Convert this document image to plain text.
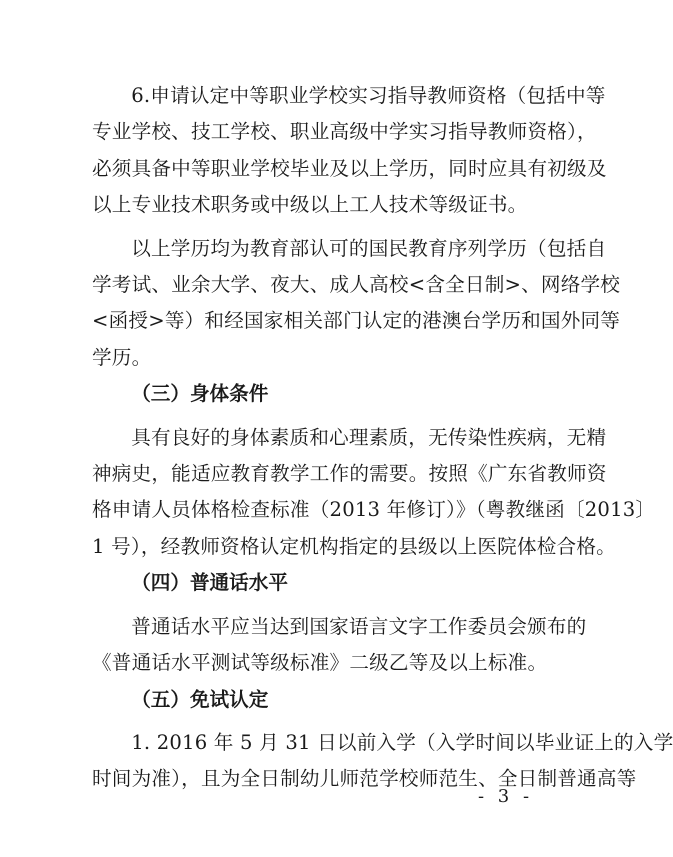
6.申请认定中等职业学校实习指导教师资格（包括中等
专业学校、技工学校、职业高级中学实习指导教师资格），
必须具备中等职业学校毕业及以上学历，同时应具有初级及
以上专业技术职务或中级以上工人技术等级证书。

以上学历均为教育部认可的国民教育序列学历（包括自
学考试、业余大学、夜大、成人高校<含全日制>、网络学校
<函授>等）和经国家相关部门认定的港澳台学历和国外同等
学历。

（三）身体条件

具有良好的身体素质和心理素质，无传染性疾病，无精
神病史，能适应教育教学工作的需要。按照《广东省教师资
格申请人员体格检查标准（2013 年修订）》（粤教继函〔2013〕
1 号），经教师资格认定机构指定的县级以上医院体检合格。

（四）普通话水平

普通话水平应当达到国家语言文字工作委员会颁布的
《普通话水平测试等级标准》二级乙等及以上标准。

（五）免试认定

1. 2016 年 5 月 31 日以前入学（入学时间以毕业证上的入学
时间为准），且为全日制幼儿师范学校师范生、全日制普通高等

- 3 -
